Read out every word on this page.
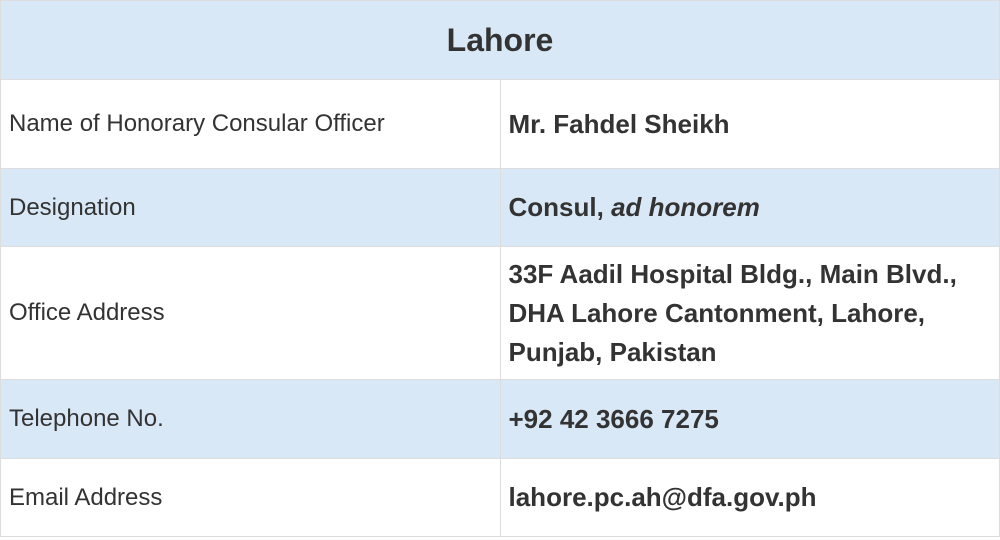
Lahore	
Name of Honorary Consular Officer	Mr. Fahdel Sheikh
Designation	Consul, ad honorem
Office Address	33F Aadil Hospital Bldg., Main Blvd.,
DHA Lahore Cantonment, Lahore,
Punjab, Pakistan

Telephone No.	+92 42 3666 7275
Email Address	lahore.pc.ah@dfa.gov.ph
